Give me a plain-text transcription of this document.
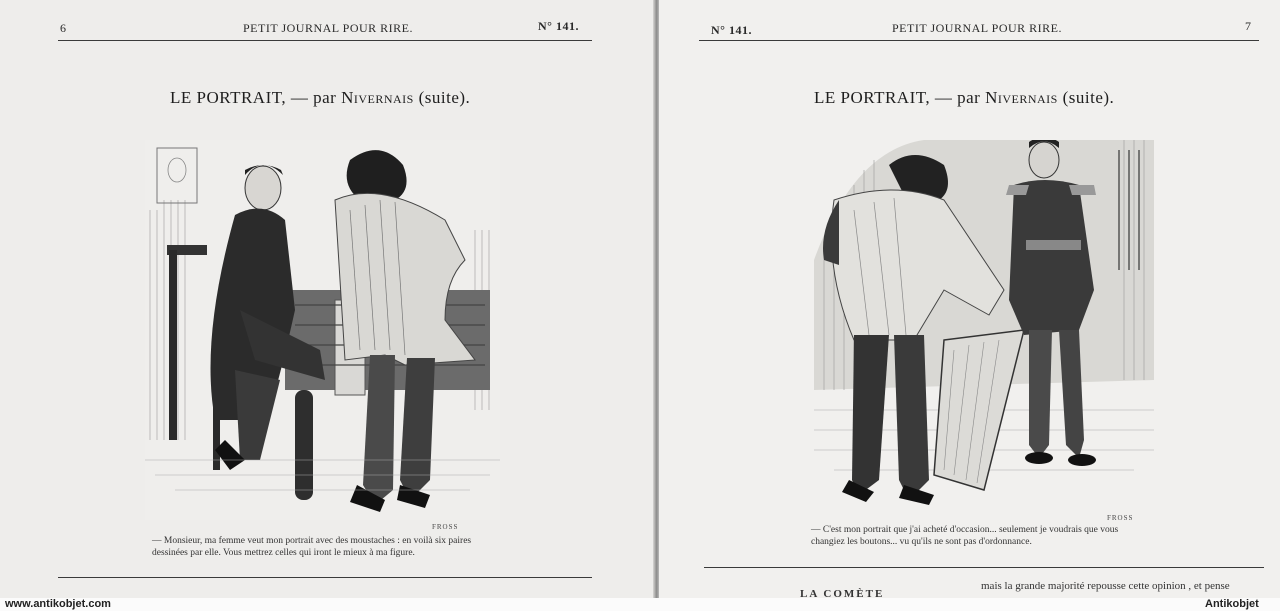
6	PETIT JOURNAL POUR RIRE.	N° 141.
LE PORTRAIT, — par Nivernais (suite).
FROSS
— Monsieur, ma femme veut mon portrait avec des moustaches : en voilà six paires
dessinées par elle. Vous mettrez celles qui iront le mieux à ma figure.
N° 141.	PETIT JOURNAL POUR RIRE.	7
LE PORTRAIT, — par Nivernais (suite).
FROSS
— C'est mon portrait que j'ai acheté d'occasion... seulement je voudrais que vous
changiez les boutons... vu qu'ils ne sont pas d'ordonnance.
LA COMÈTE
mais la grande majorité repousse cette opinion , et pense
www.antikobjet.com	Antikobjet
